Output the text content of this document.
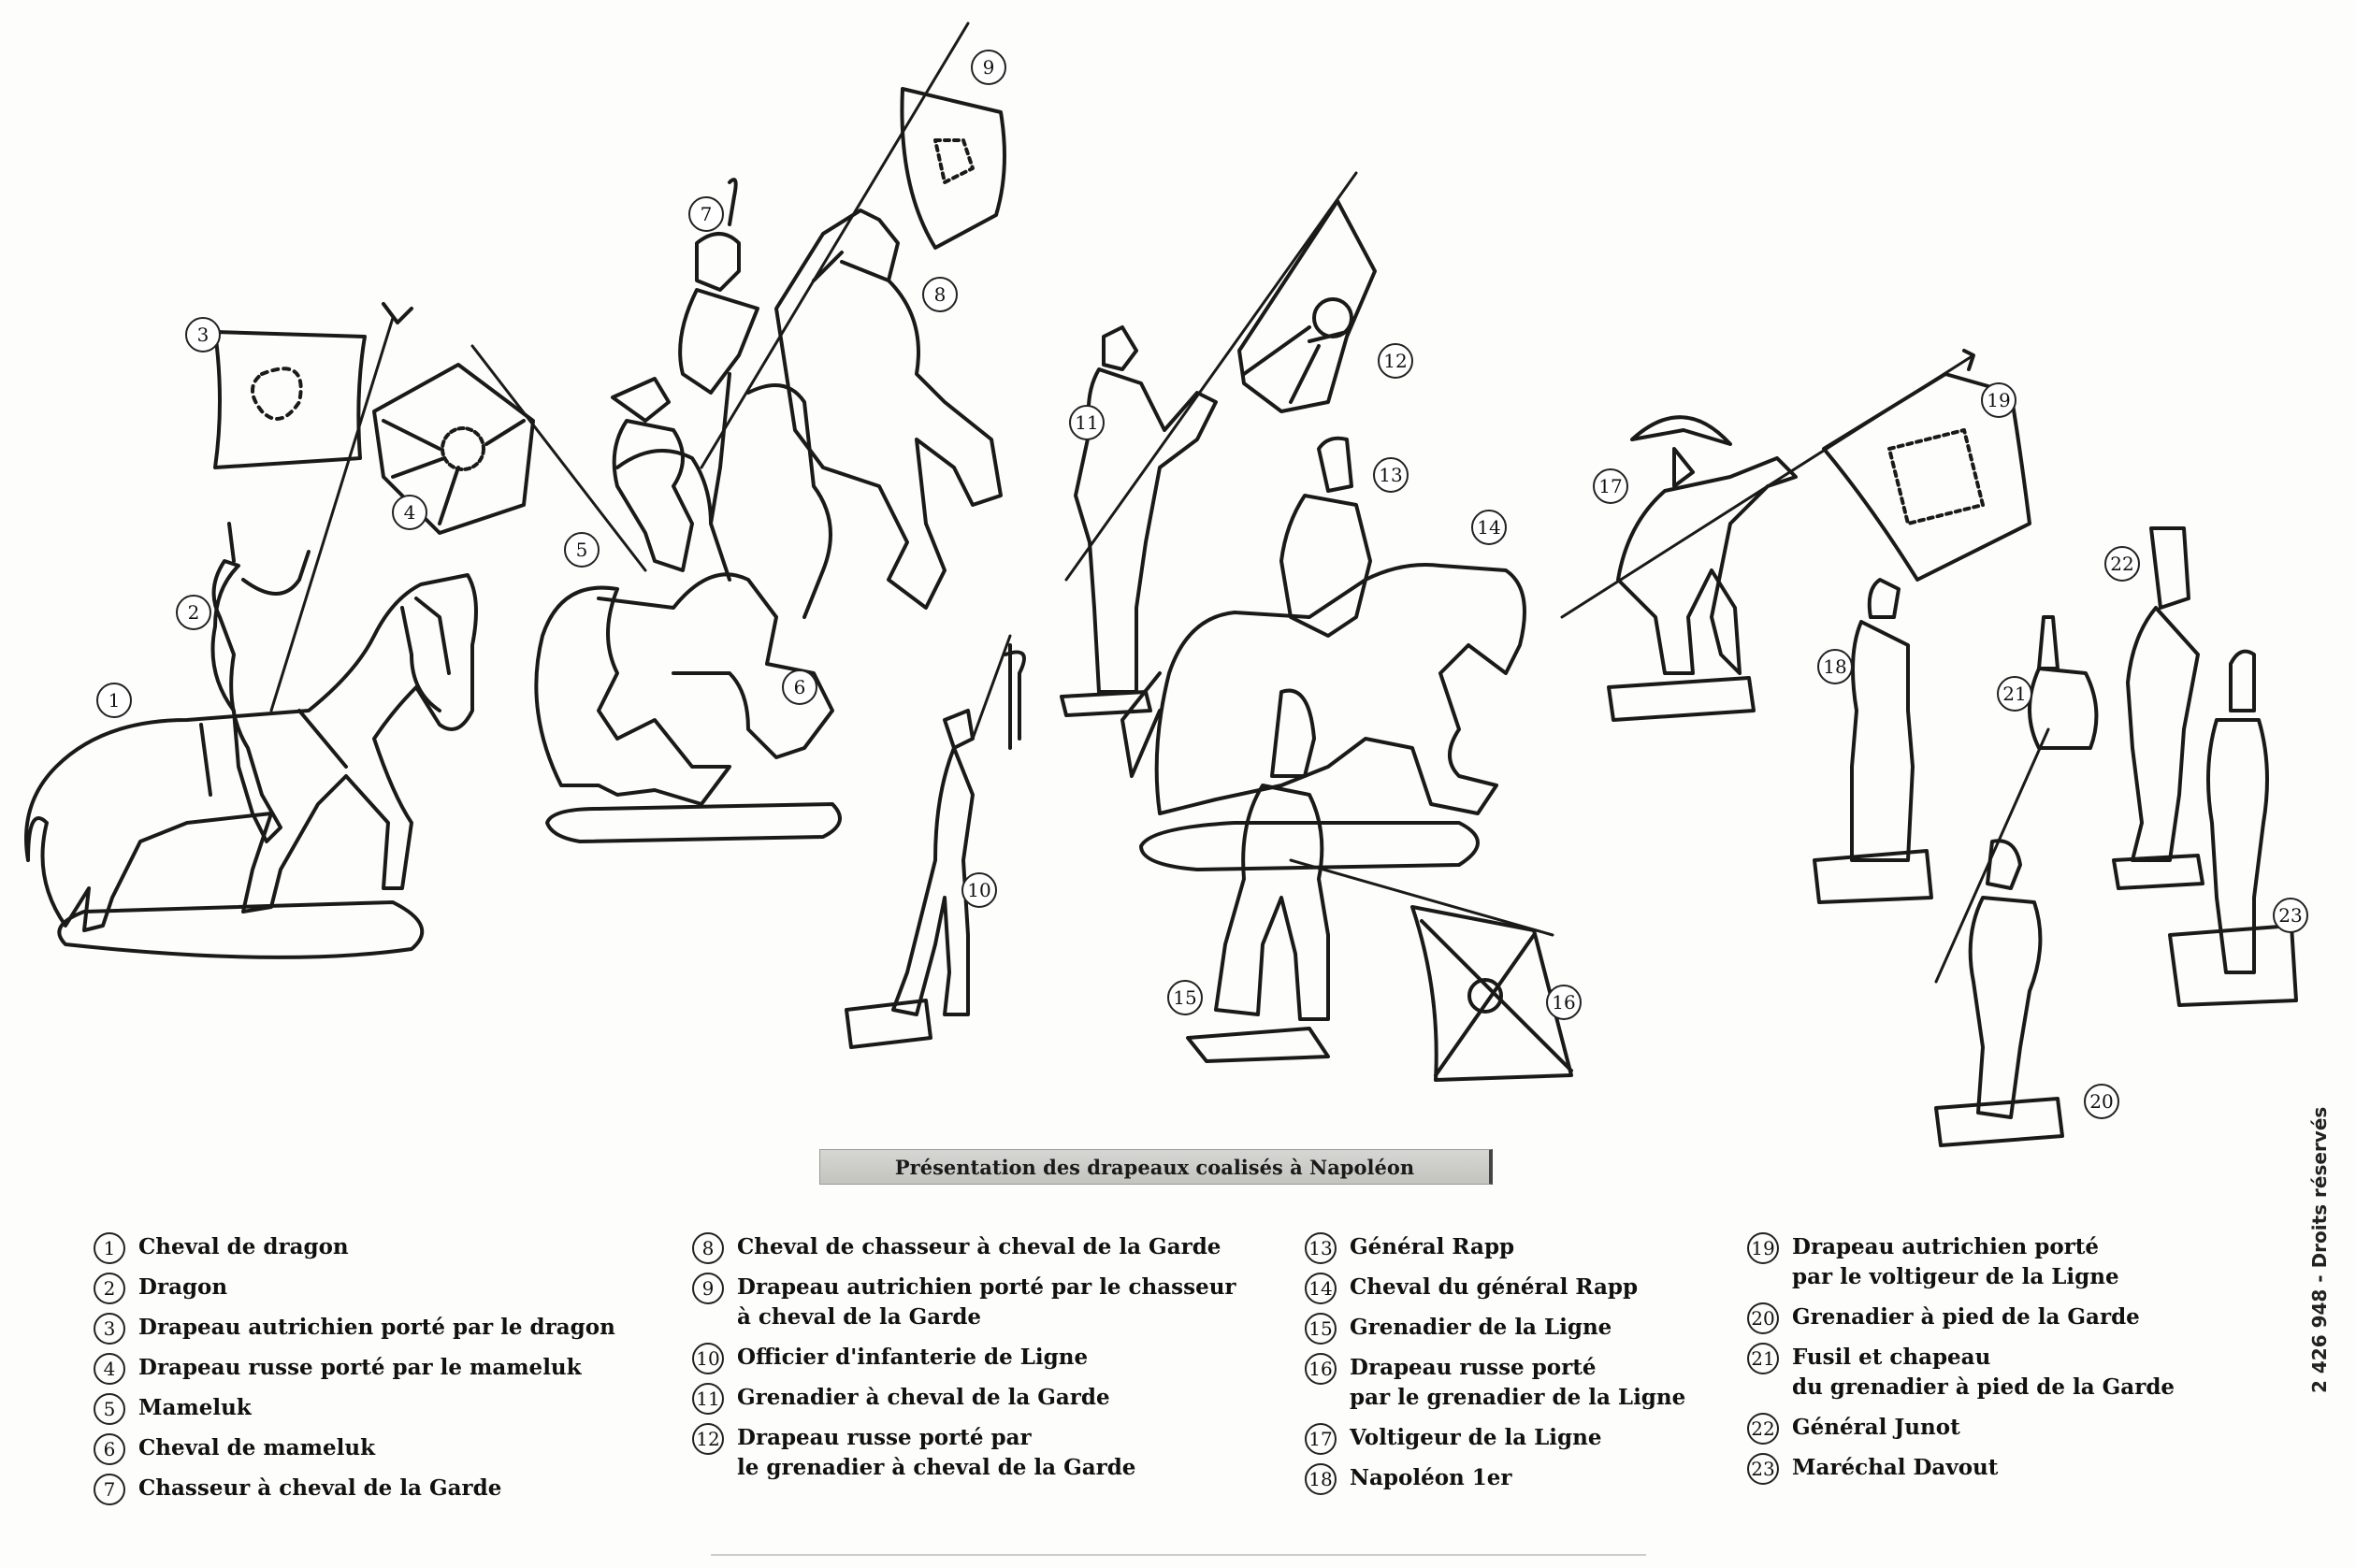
1
2
3
4
5
6
7
8
9
10
11
12
13
14
15	16
17
18
19
20
21
22
23
Présentation des drapeaux coalisés à Napoléon
1	Cheval de dragon
2	Dragon
3	Drapeau autrichien porté par le dragon
4	Drapeau russe porté par le mameluk
5	Mameluk
6	Cheval de mameluk
7	Chasseur à cheval de la Garde
8	Cheval de chasseur à cheval de la Garde
9	Drapeau autrichien porté par le chasseur
à cheval de la Garde
10 Officier d'infanterie de Ligne
11 Grenadier à cheval de la Garde
12 Drapeau russe porté par
le grenadier à cheval de la Garde
13 Général Rapp
14 Cheval du général Rapp
15 Grenadier de la Ligne
16 Drapeau russe porté
par le grenadier de la Ligne
17 Voltigeur de la Ligne
18 Napoléon 1er
19 Drapeau autrichien porté
par le voltigeur de la Ligne
20 Grenadier à pied de la Garde
21 Fusil et chapeau
du grenadier à pied de la Garde
22 Général Junot
23 Maréchal Davout
2 426 948 - Droits réservés
